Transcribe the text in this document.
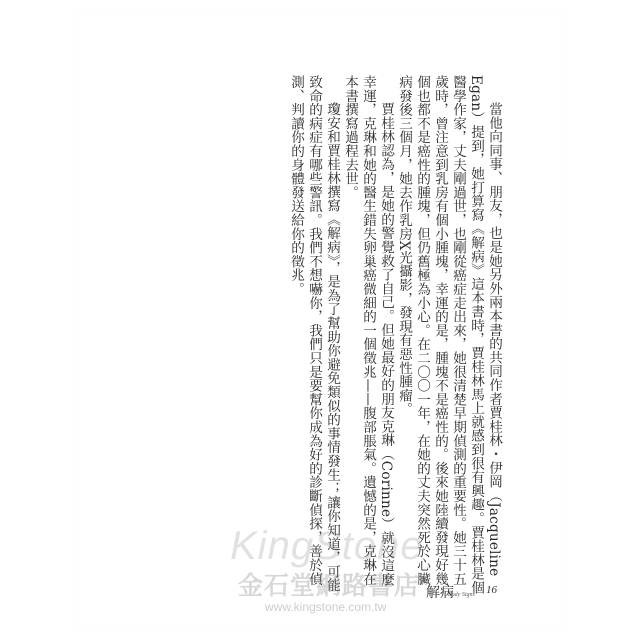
當他向同事、朋友，也是她另外兩本書的共同作者賈桂林・伊岡（Jacqueline Egan）提到，她打算寫《解病》這本書時，賈桂林馬上就感到很有興趣。賈桂林是個醫學作家，丈夫剛過世，也剛從癌症走出來，她很清楚早期偵測的重要性。她三十五歲時，曾注意到乳房有個小腫塊，幸運的是，腫塊不是癌性的。後來她陸續發現好幾個也都不是癌性的腫塊，但仍舊極為小心。在二〇〇一年，在她的丈夫突然死於心臟病發後三個月，她去作乳房X光攝影，發現有惡性腫瘤。

賈桂林認為，是她的警覺救了自己。但她最好的朋友克琳（Corinne）就沒這麼幸運，克琳和她的醫生錯失卵巢癌微細的一個徵兆——腹部脹氣。遺憾的是，克琳在本書撰寫過程去世。

瓊安和賈桂林撰寫《解病》，是為了幫助你避免類似的事情發生；讓你知道，可能致命的病症有哪些警訊。我們不想嚇你，我們只是要幫你成為好的診斷偵探，善於偵測、判讀你的身體發送給你的徵兆。

解病
Body Signs 16
KingStone
金石堂網路書店
www.kingstone.com.tw
